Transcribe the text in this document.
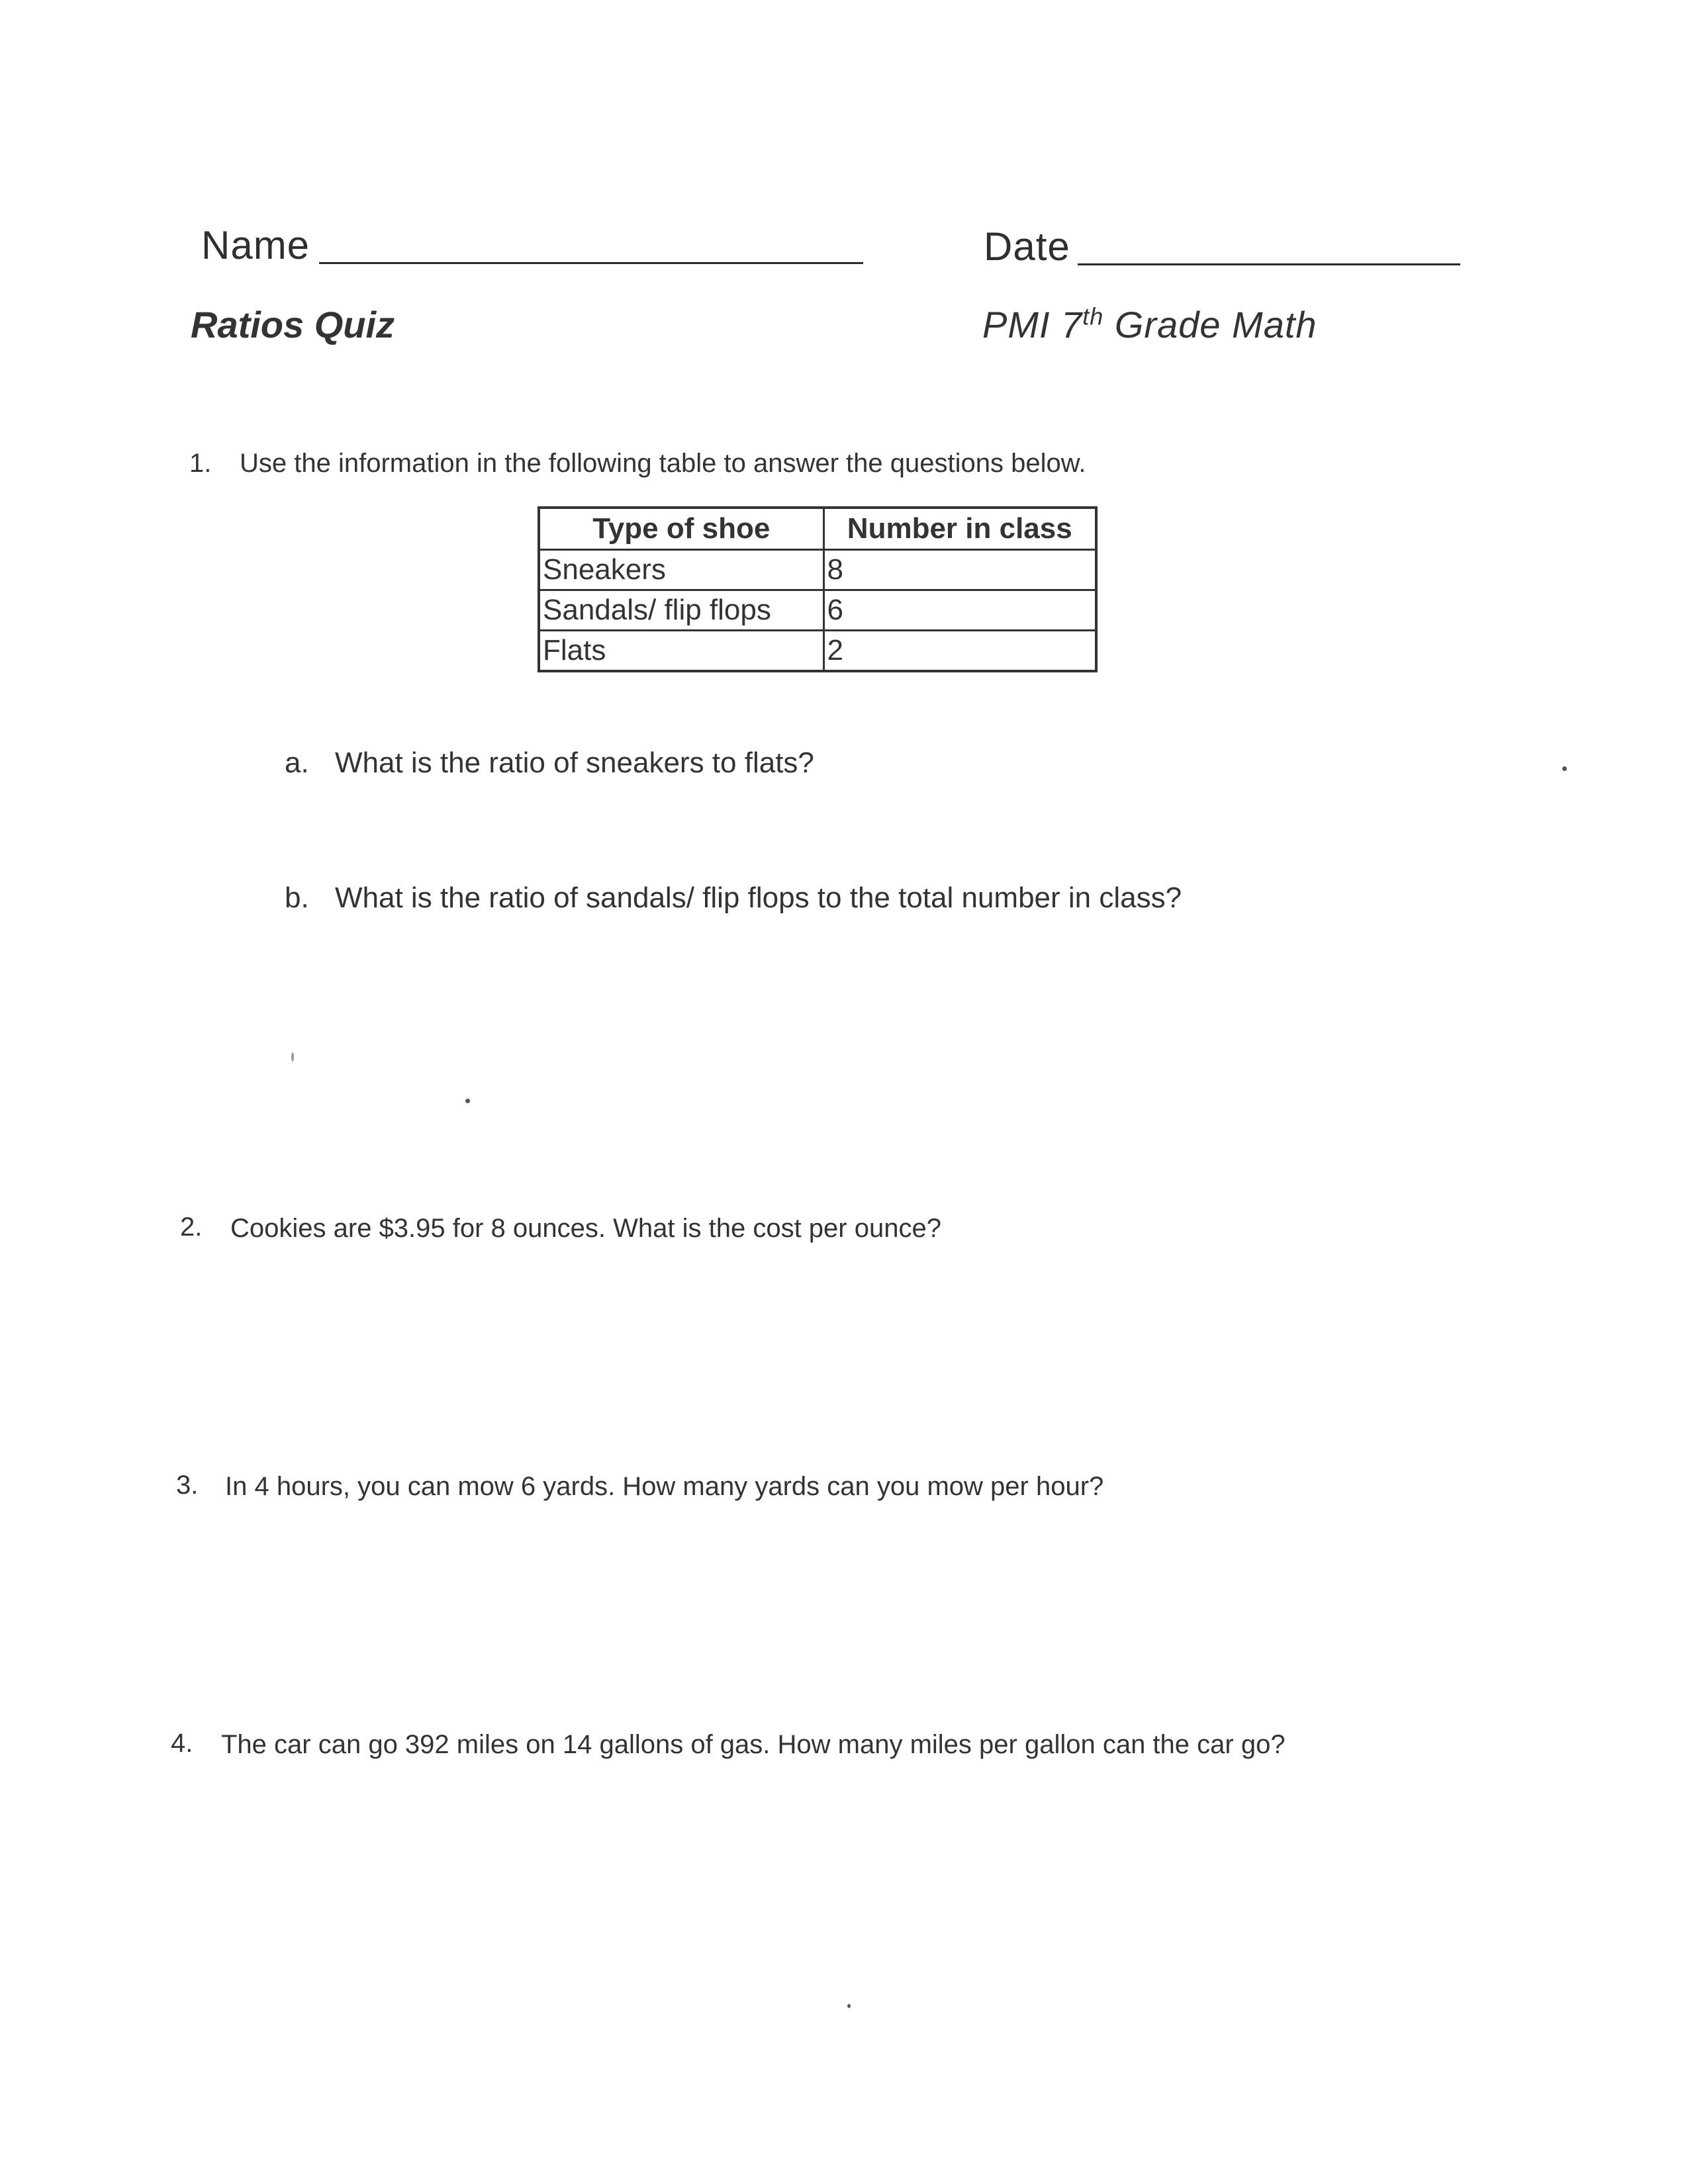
Name	Date
Ratios Quiz	PMI 7th Grade Math
1. Use the information in the following table to answer the questions below.
Type of shoe	Number in class
Sneakers	8
Sandals/ flip flops	6
Flats	2
a. What is the ratio of sneakers to flats?
b. What is the ratio of sandals/ flip flops to the total number in class?
2. Cookies are $3.95 for 8 ounces. What is the cost per ounce?
3. In 4 hours, you can mow 6 yards. How many yards can you mow per hour?
4. The car can go 392 miles on 14 gallons of gas. How many miles per gallon can the car go?
